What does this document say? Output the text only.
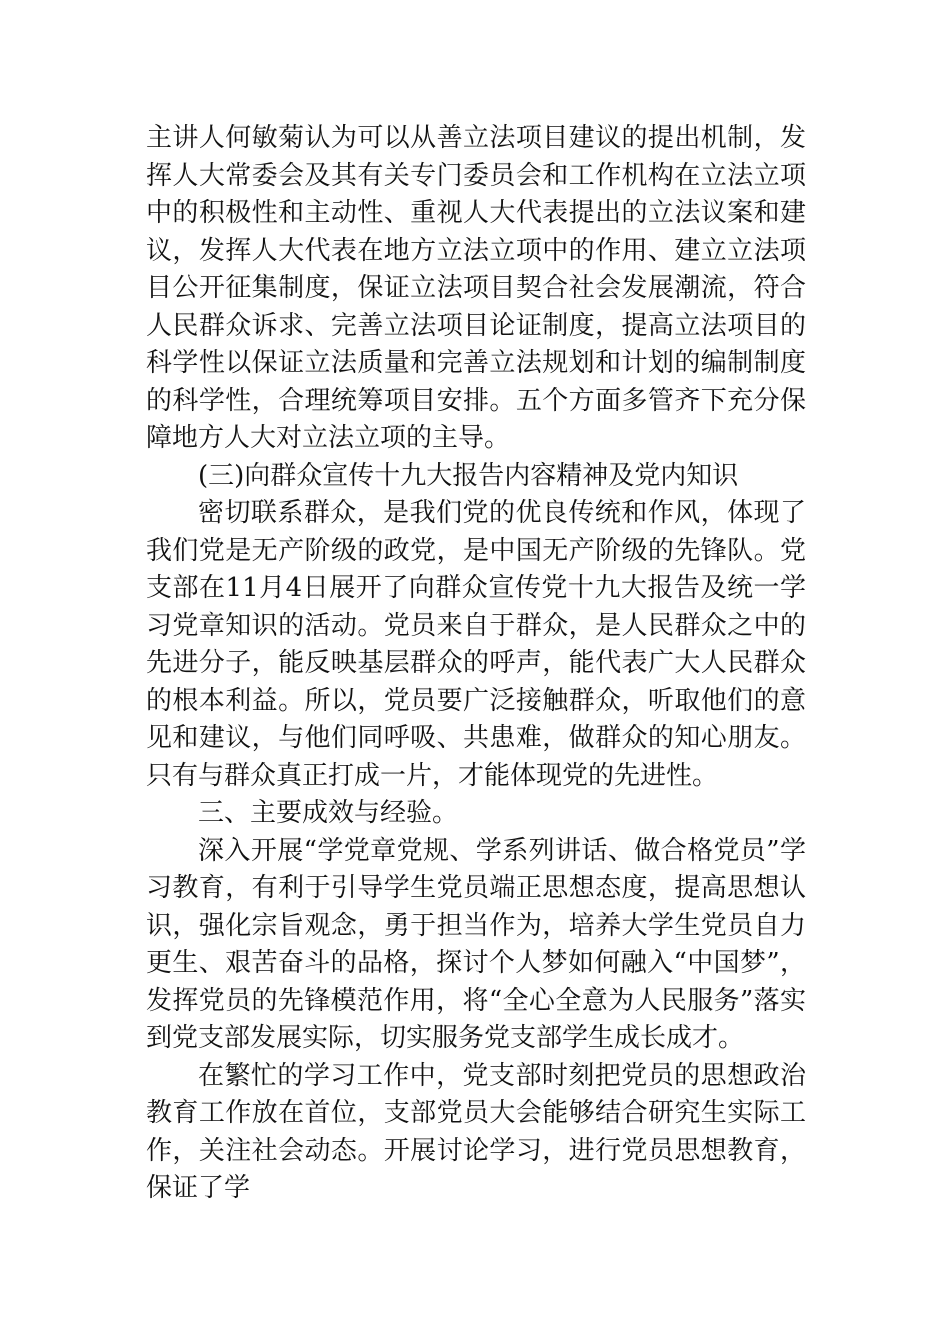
主讲人何敏菊认为可以从善立法项目建议的提出机制，发挥人大常委会及其有关专门委员会和工作机构在立法立项中的积极性和主动性、重视人大代表提出的立法议案和建议，发挥人大代表在地方立法立项中的作用、建立立法项目公开征集制度，保证立法项目契合社会发展潮流，符合人民群众诉求、完善立法项目论证制度，提高立法项目的科学性以保证立法质量和完善立法规划和计划的编制制度的科学性，合理统筹项目安排。五个方面多管齐下充分保障地方人大对立法立项的主导。

(三)向群众宣传十九大报告内容精神及党内知识

密切联系群众，是我们党的优良传统和作风，体现了我们党是无产阶级的政党，是中国无产阶级的先锋队。党支部在11月4日展开了向群众宣传党十九大报告及统一学习党章知识的活动。党员来自于群众，是人民群众之中的先进分子，能反映基层群众的呼声，能代表广大人民群众的根本利益。所以，党员要广泛接触群众，听取他们的意见和建议，与他们同呼吸、共患难，做群众的知心朋友。只有与群众真正打成一片，才能体现党的先进性。

三、主要成效与经验。

深入开展“学党章党规、学系列讲话、做合格党员”学习教育，有利于引导学生党员端正思想态度，提高思想认识，强化宗旨观念，勇于担当作为，培养大学生党员自力更生、艰苦奋斗的品格，探讨个人梦如何融入“中国梦”，发挥党员的先锋模范作用，将“全心全意为人民服务”落实到党支部发展实际，切实服务党支部学生成长成才。

在繁忙的学习工作中，党支部时刻把党员的思想政治教育工作放在首位，支部党员大会能够结合研究生实际工作，关注社会动态。开展讨论学习，进行党员思想教育，保证了学
